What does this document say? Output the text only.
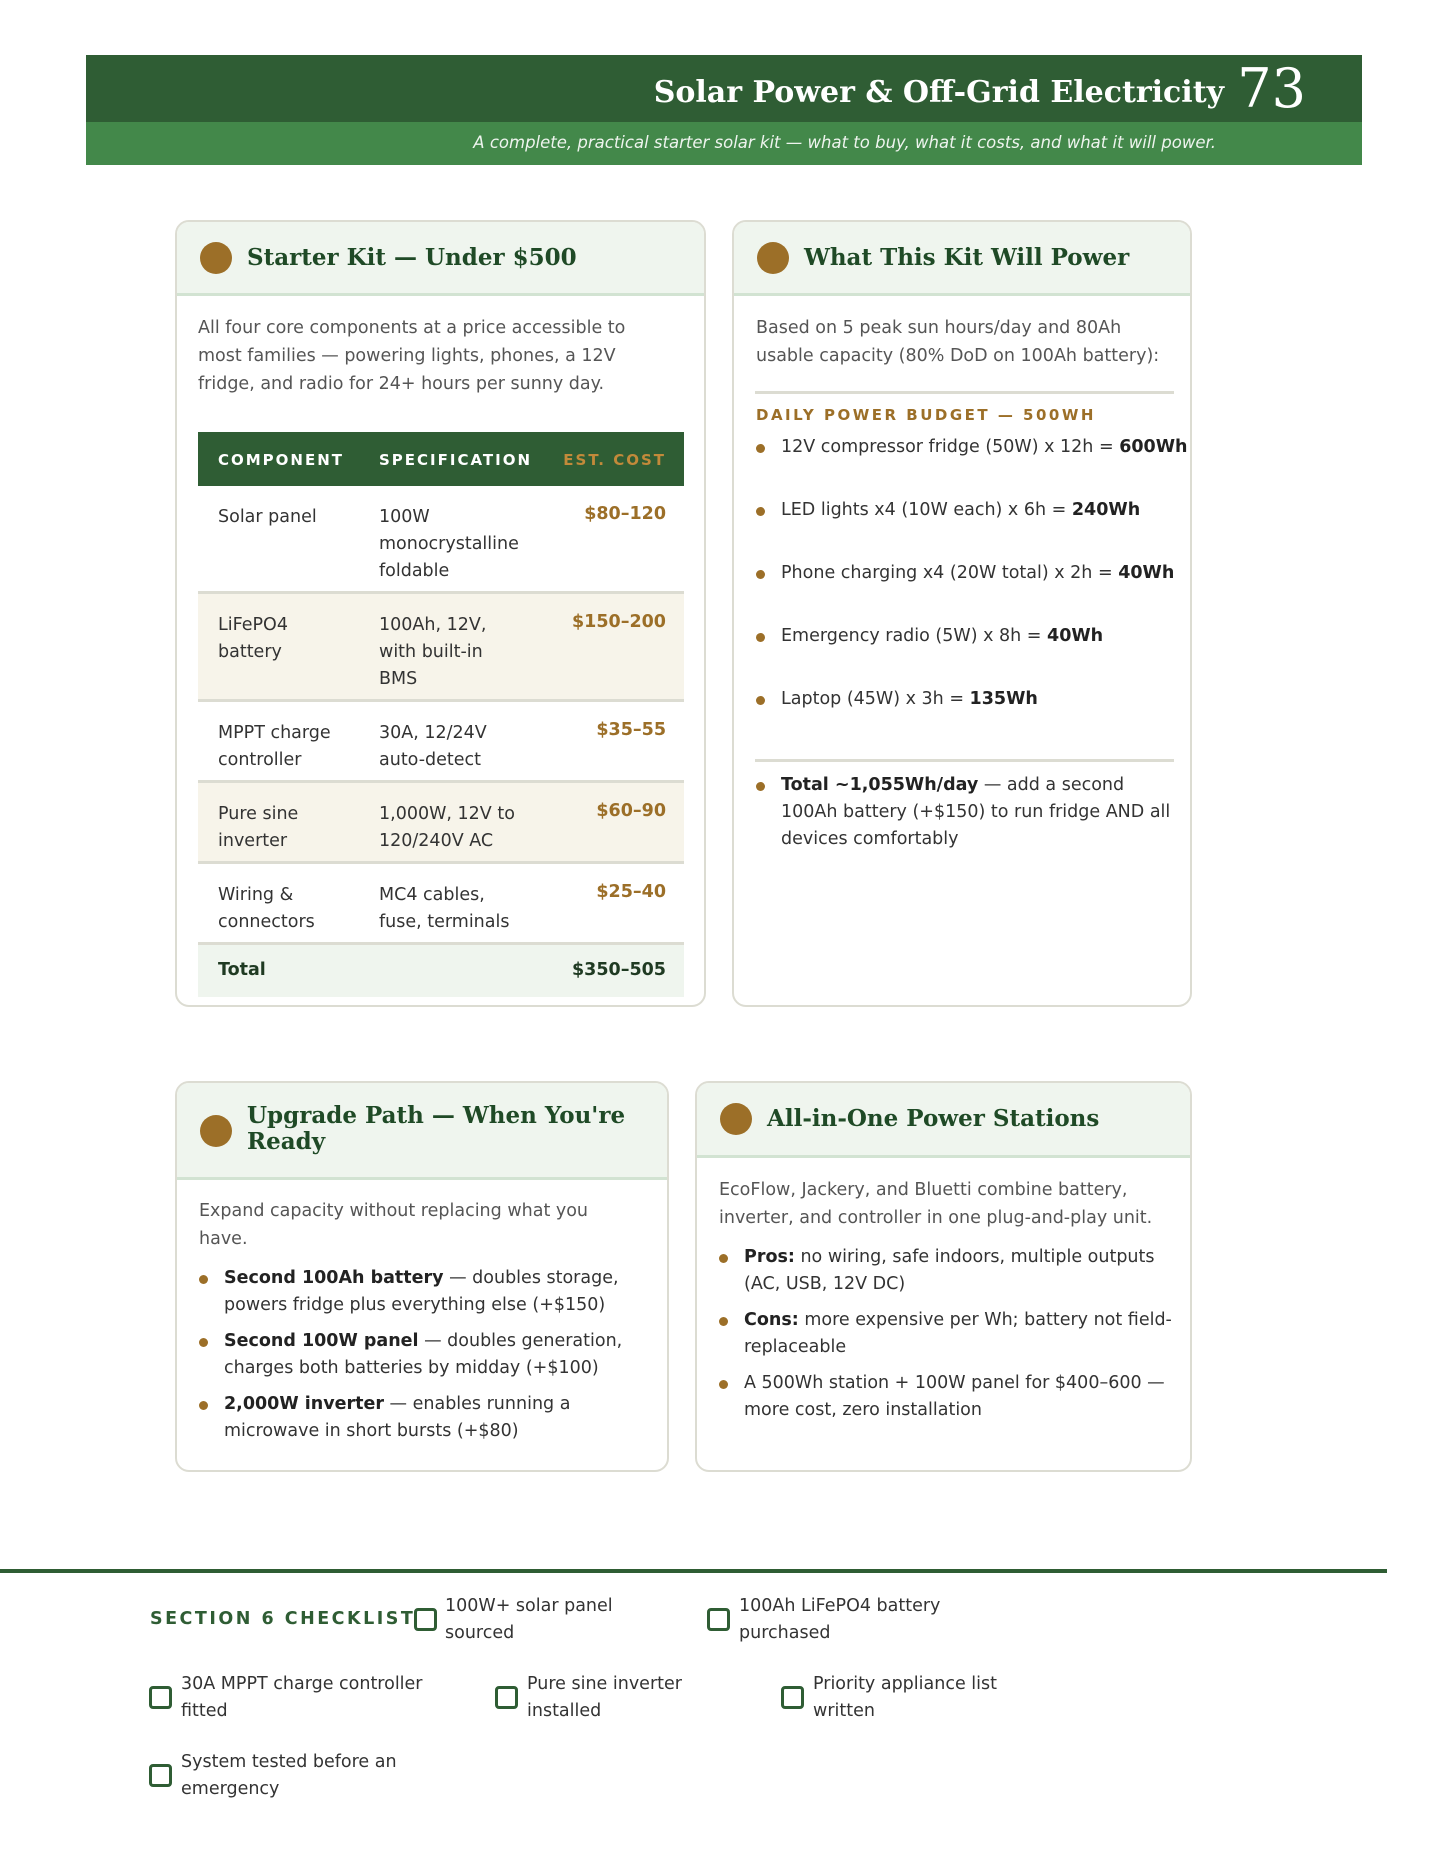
Solar Power & Off-Grid Electricity 73
A complete, practical starter solar kit — what to buy, what it costs, and what it will power.
Starter Kit — Under $500
All four core components at a price accessible to most families — powering lights, phones, a 12V fridge, and radio for 24+ hours per sunny day.
COMPONENT SPECIFICATION EST. COST
Solar panel	100W monocrystalline foldable
$80–120
LiFePO4 battery
100Ah, 12V, with built-in BMS
$150–200
MPPT charge controller
30A, 12/24V auto-detect
$35–55
Pure sine inverter
1,000W, 12V to 120/240V AC
$60–90
Wiring & connectors
MC4 cables, fuse, terminals
$25–40
Total	$350–505
What This Kit Will Power
Based on 5 peak sun hours/day and 80Ah usable capacity (80% DoD on 100Ah battery):
DAILY POWER BUDGET — 500WH
12V compressor fridge (50W) x 12h = 600Wh
LED lights x4 (10W each) x 6h = 240Wh
Phone charging x4 (20W total) x 2h = 40Wh
Emergency radio (5W) x 8h = 40Wh
Laptop (45W) x 3h = 135Wh
Total ~1,055Wh/day — add a second 100Ah battery (+$150) to run fridge AND all devices comfortably
Upgrade Path — When You're Ready
Expand capacity without replacing what you have.
Second 100Ah battery — doubles storage, powers fridge plus everything else (+$150)
Second 100W panel — doubles generation, charges both batteries by midday (+$100)
2,000W inverter — enables running a microwave in short bursts (+$80)
All-in-One Power Stations
EcoFlow, Jackery, and Bluetti combine battery, inverter, and controller in one plug-and-play unit.
Pros: no wiring, safe indoors, multiple outputs (AC, USB, 12V DC)
Cons: more expensive per Wh; battery not field-replaceable
A 500Wh station + 100W panel for $400–600 — more cost, zero installation
SECTION 6 CHECKLIST
100W+ solar panel sourced
100Ah LiFePO4 battery purchased
30A MPPT charge controller fitted
Pure sine inverter installed
Priority appliance list written
System tested before an emergency
